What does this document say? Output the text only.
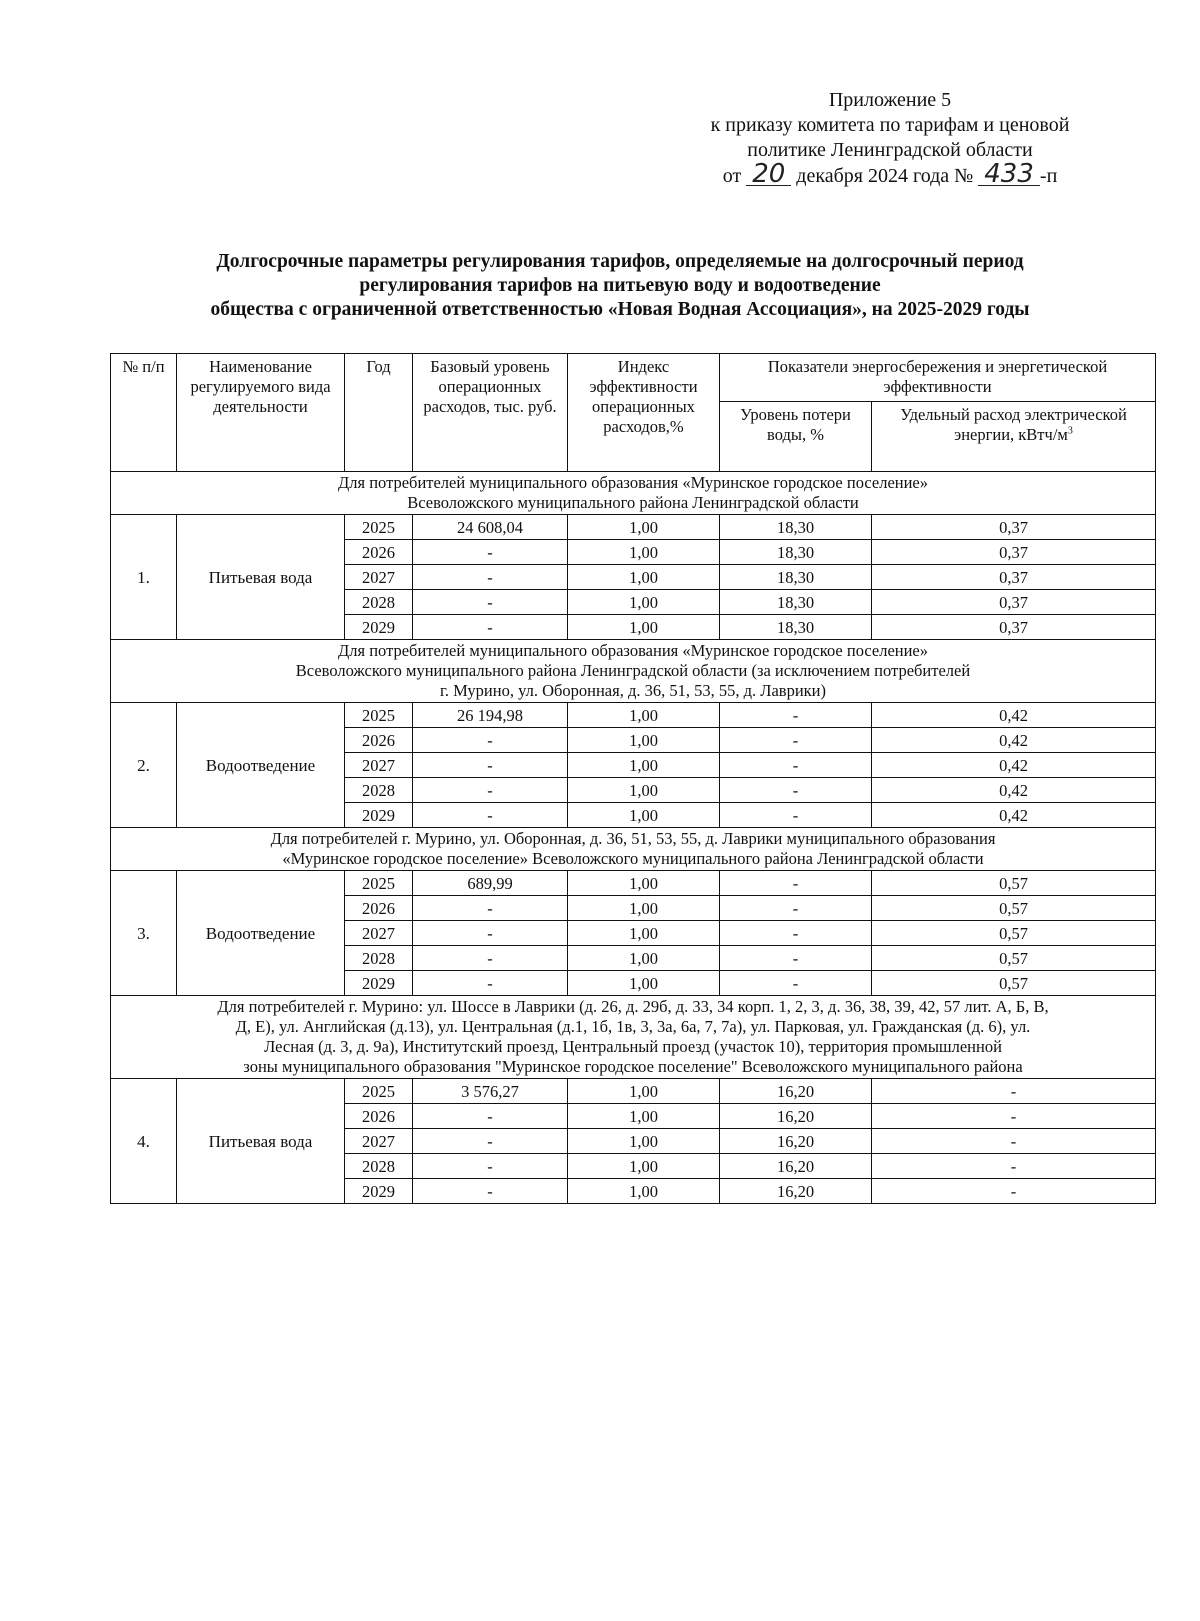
Приложение 5
к приказу комитета по тарифам и ценовой
политике Ленинградской области
от 20 декабря 2024 года № 433 -п
Долгосрочные параметры регулирования тарифов, определяемые на долгосрочный период
регулирования тарифов на питьевую воду и водоотведение
общества с ограниченной ответственностью «Новая Водная Ассоциация», на 2025-2029 годы
№ п/п	Наименование регулируемого вида деятельности	Год	Базовый уровень операционных расходов, тыс. руб.	Индекс эффективности операционных расходов,%	Показатели энергосбережения и энергетической эффективности	
					Уровень потери воды, %	Удельный расход электрической энергии, кВтч/$м^3$

Для потребителей муниципального образования «Муринское городское поселение»
Всеволожского муниципального района Ленинградской области						

1.	Питьевая вода	2025	24 608,04	1,00	18,30	0,37
		2026	-	1,00	18,30	0,37
		2027	-	1,00	18,30	0,37
		2028	-	1,00	18,30	0,37
		2029	-	1,00	18,30	0,37

Для потребителей муниципального образования «Муринское городское поселение»
Всеволожского муниципального района Ленинградской области (за исключением потребителей
г. Мурино, ул. Оборонная, д. 36, 51, 53, 55, д. Лаврики)						

2.	Водоотведение	2025	26 194,98	1,00	-	0,42
		2026	-	1,00	-	0,42
		2027	-	1,00	-	0,42
		2028	-	1,00	-	0,42
		2029	-	1,00	-	0,42

Для потребителей г. Мурино, ул. Оборонная, д. 36, 51, 53, 55, д. Лаврики муниципального образования
«Муринское городское поселение» Всеволожского муниципального района Ленинградской области						

3.	Водоотведение	2025	689,99	1,00	-	0,57
		2026	-	1,00	-	0,57
		2027	-	1,00	-	0,57
		2028	-	1,00	-	0,57
		2029	-	1,00	-	0,57

Для потребителей г. Мурино: ул. Шоссе в Лаврики (д. 26, д. 29б, д. 33, 34 корп. 1, 2, 3, д. 36, 38, 39, 42, 57 лит. А, Б, В,
Д, Е), ул. Английская (д.13), ул. Центральная (д.1, 1б, 1в, 3, 3а, 6а, 7, 7а), ул. Парковая, ул. Гражданская (д. 6), ул.
Лесная (д. 3, д. 9а), Институтский проезд, Центральный проезд (участок 10), территория промышленной
зоны муниципального образования "Муринское городское поселение" Всеволожского муниципального района						

4.	Питьевая вода	2025	3 576,27	1,00	16,20	-
		2026	-	1,00	16,20	-
		2027	-	1,00	16,20	-
		2028	-	1,00	16,20	-
		2029	-	1,00	16,20	-
